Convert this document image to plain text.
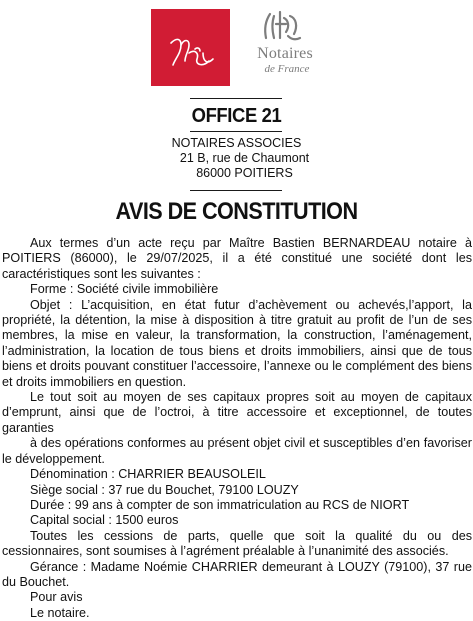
Notaires
de France
OFFICE 21
NOTAIRES ASSOCIES
21 B, rue de Chaumont
86000 POITIERS
AVIS DE CONSTITUTION

Aux termes d’un acte reçu par Maître Bastien BERNARDEAU notaire à POITIERS (86000), le 29/07/2025, il a été constitué une société dont les caractéristiques sont les suivantes :

Forme : Société civile immobilière

Objet : L’acquisition, en état futur d’achèvement ou achevés,l’apport, la propriété, la détention, la mise à disposition à titre gratuit au profit de l’un de ses membres, la mise en valeur, la transformation, la construction, l’aménagement, l’administration, la location de tous biens et droits immobiliers, ainsi que de tous biens et droits pouvant constituer l’accessoire, l’annexe ou le complément des biens et droits immobiliers en question.

Le tout soit au moyen de ses capitaux propres soit au moyen de capitaux d’emprunt, ainsi que de l’octroi, à titre accessoire et exceptionnel, de toutes garanties

à des opérations conformes au présent objet civil et susceptibles d’en favoriser le développement.

Dénomination : CHARRIER BEAUSOLEIL

Siège social : 37 rue du Bouchet, 79100 LOUZY

Durée : 99 ans à compter de son immatriculation au RCS de NIORT

Capital social : 1500 euros

Toutes les cessions de parts, quelle que soit la qualité du ou des cessionnaires, sont soumises à l’agrément préalable à l’unanimité des associés.

Gérance : Madame Noémie CHARRIER demeurant à LOUZY (79100), 37 rue du Bouchet.

Pour avis

Le notaire.
